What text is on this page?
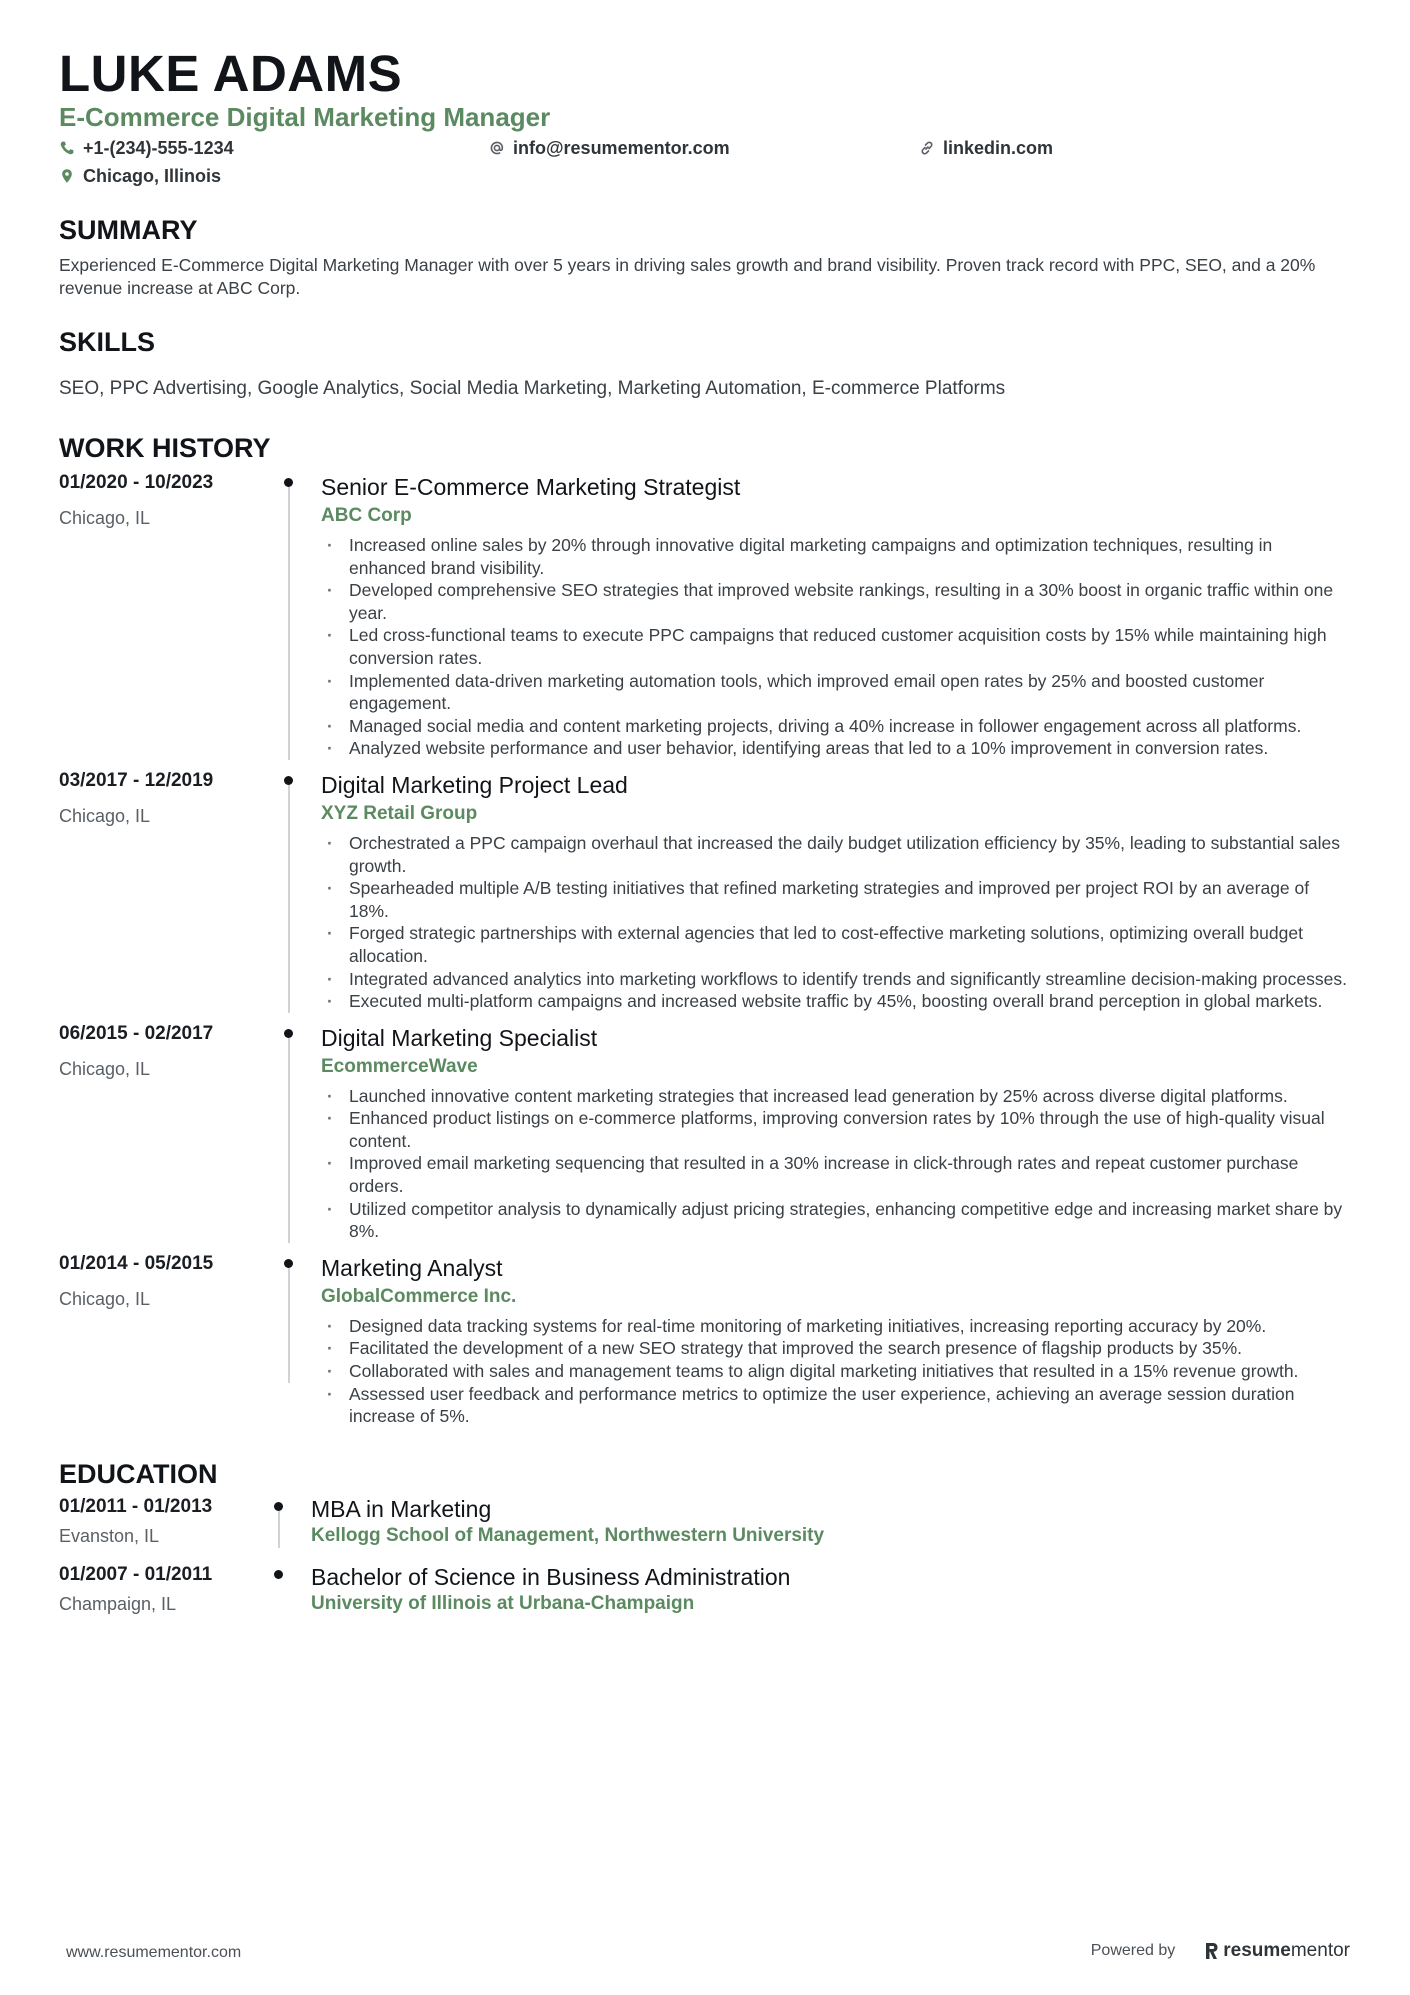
LUKE ADAMS
E-Commerce Digital Marketing Manager
+1-(234)-555-1234	info@resumementor.com	linkedin.com
Chicago, Illinois
SUMMARY
Experienced E-Commerce Digital Marketing Manager with over 5 years in driving sales growth and brand visibility. Proven track record with PPC, SEO, and a 20% revenue increase at ABC Corp.
SKILLS
SEO, PPC Advertising, Google Analytics, Social Media Marketing, Marketing Automation, E-commerce Platforms
WORK HISTORY
01/2020 - 10/2023
Chicago, IL
Senior E-Commerce Marketing Strategist
ABC Corp
· Increased online sales by 20% through innovative digital marketing campaigns and optimization techniques, resulting in enhanced brand visibility.
· Developed comprehensive SEO strategies that improved website rankings, resulting in a 30% boost in organic traffic within one year.
· Led cross-functional teams to execute PPC campaigns that reduced customer acquisition costs by 15% while maintaining high conversion rates.
· Implemented data-driven marketing automation tools, which improved email open rates by 25% and boosted customer engagement.
· Managed social media and content marketing projects, driving a 40% increase in follower engagement across all platforms.
· Analyzed website performance and user behavior, identifying areas that led to a 10% improvement in conversion rates.
03/2017 - 12/2019
Chicago, IL
Digital Marketing Project Lead
XYZ Retail Group
· Orchestrated a PPC campaign overhaul that increased the daily budget utilization efficiency by 35%, leading to substantial sales growth.
· Spearheaded multiple A/B testing initiatives that refined marketing strategies and improved per project ROI by an average of 18%.
· Forged strategic partnerships with external agencies that led to cost-effective marketing solutions, optimizing overall budget allocation.
· Integrated advanced analytics into marketing workflows to identify trends and significantly streamline decision-making processes.
· Executed multi-platform campaigns and increased website traffic by 45%, boosting overall brand perception in global markets.
06/2015 - 02/2017
Chicago, IL
Digital Marketing Specialist
EcommerceWave
· Launched innovative content marketing strategies that increased lead generation by 25% across diverse digital platforms.
· Enhanced product listings on e-commerce platforms, improving conversion rates by 10% through the use of high-quality visual content.
· Improved email marketing sequencing that resulted in a 30% increase in click-through rates and repeat customer purchase orders.
· Utilized competitor analysis to dynamically adjust pricing strategies, enhancing competitive edge and increasing market share by 8%.
01/2014 - 05/2015
Chicago, IL
Marketing Analyst
GlobalCommerce Inc.
· Designed data tracking systems for real-time monitoring of marketing initiatives, increasing reporting accuracy by 20%.
· Facilitated the development of a new SEO strategy that improved the search presence of flagship products by 35%.
· Collaborated with sales and management teams to align digital marketing initiatives that resulted in a 15% revenue growth.
· Assessed user feedback and performance metrics to optimize the user experience, achieving an average session duration increase of 5%.
EDUCATION
01/2011 - 01/2013
Evanston, IL
MBA in Marketing
Kellogg School of Management, Northwestern University
01/2007 - 01/2011
Champaign, IL
Bachelor of Science in Business Administration
University of Illinois at Urbana-Champaign
www.resumementor.com	Powered by	resume mentor
